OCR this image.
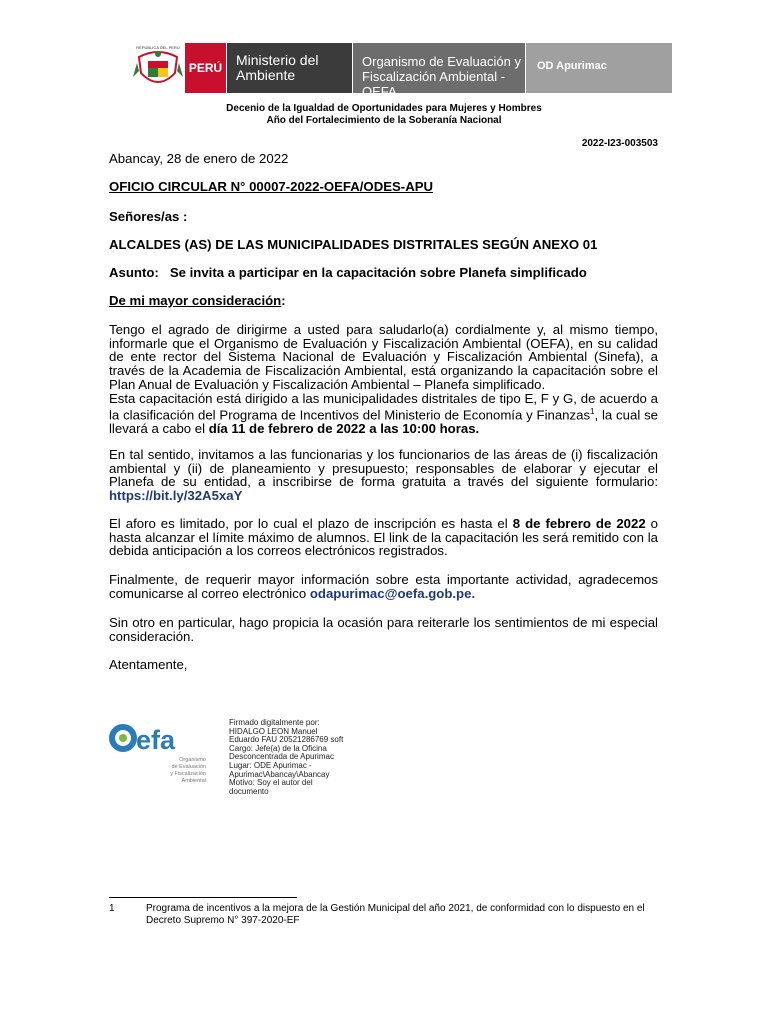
REPÚBLICA DEL PERÚ
PERÚ Ministerio del Ambiente
Organismo de Evaluación y Fiscalización Ambiental - OEFA
OD Apurimac
Decenio de la Igualdad de Oportunidades para Mujeres y Hombres
Año del Fortalecimiento de la Soberanía Nacional
2022-I23-003503
Abancay, 28 de enero de 2022
OFICIO CIRCULAR N° 00007-2022-OEFA/ODES-APU
Señores/as :
ALCALDES (AS) DE LAS MUNICIPALIDADES DISTRITALES SEGÚN ANEXO 01
Asunto: Se invita a participar en la capacitación sobre Planefa simplificado
De mi mayor consideración:
Tengo el agrado de dirigirme a usted para saludarlo(a) cordialmente y, al mismo tiempo, informarle que el Organismo de Evaluación y Fiscalización Ambiental (OEFA), en su calidad de ente rector del Sistema Nacional de Evaluación y Fiscalización Ambiental (Sinefa), a través de la Academia de Fiscalización Ambiental, está organizando la capacitación sobre el Plan Anual de Evaluación y Fiscalización Ambiental – Planefa simplificado.
Esta capacitación está dirigido a las municipalidades distritales de tipo E, F y G, de acuerdo a la clasificación del Programa de Incentivos del Ministerio de Economía y Finanzas$^1$, la cual se llevará a cabo el día 11 de febrero de 2022 a las 10:00 horas.
En tal sentido, invitamos a las funcionarias y los funcionarios de las áreas de (i) fiscalización ambiental y (ii) de planeamiento y presupuesto; responsables de elaborar y ejecutar el Planefa de su entidad, a inscribirse de forma gratuita a través del siguiente formulario: https://bit.ly/32A5xaY
El aforo es limitado, por lo cual el plazo de inscripción es hasta el 8 de febrero de 2022 o hasta alcanzar el límite máximo de alumnos. El link de la capacitación les será remitido con la debida anticipación a los correos electrónicos registrados.
Finalmente, de requerir mayor información sobre esta importante actividad, agradecemos comunicarse al correo electrónico odapurimac@oefa.gob.pe.
Sin otro en particular, hago propicia la ocasión para reiterarle los sentimientos de mi especial consideración.
Atentamente,
efa
Organismo
de Evaluación
y Fiscalización
Ambiental
Firmado digitalmente por:
HIDALGO LEON Manuel
Eduardo FAU 20521286769 soft
Cargo: Jefe(a) de la Oficina
Desconcentrada de Apurimac
Lugar: ODE Apurimac -
Apurimac\Abancay\Abancay
Motivo: Soy el autor del
documento
1	Programa de incentivos a la mejora de la Gestión Municipal del año 2021, de conformidad con lo dispuesto en el Decreto Supremo N° 397-2020-EF
